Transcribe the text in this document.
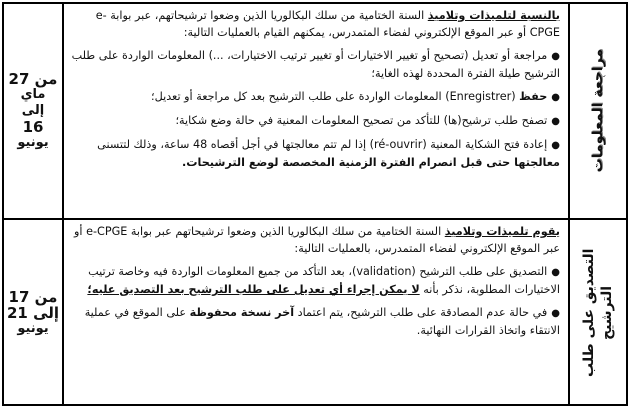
من 27
ماي
إلى
16
يونيو

بالنسبة لتلميذات وتلاميذ السنة الختامية من سلك البكالوريا الذين وضعوا ترشيحاتهم، عبر بوابة e-CPGE أو عبر الموقع الإلكتروني لفضاء المتمدرس، يمكنهم القيام بالعمليات التالية:

●مراجعة أو تعديل (تصحيح أو تغيير الاختيارات أو تغيير ترتيب الاختيارات، ...) المعلومات الواردة على طلب الترشيح طيلة الفترة المحددة لهذه الغاية؛

●حفظ (Enregistrer) المعلومات الواردة على طلب الترشيح بعد كل مراجعة أو تعديل؛

●تصفح طلب ترشيح(ها) للتأكد من تصحيح المعلومات المعنية في حالة وضع شكاية؛

●إعادة فتح الشكاية المعنية (ré-ouvrir) إذا لم تتم معالجتها في أجل أقصاه 48 ساعة، وذلك لتتسنى معالجتها حتى قبل انصرام الفترة الزمنية المخصصة لوضع الترشيحات. مراجعة المعلومات
من 17
إلى 21
يونيو

يقوم تلميذات وتلاميذ السنة الختامية من سلك البكالوريا الذين وضعوا ترشيحاتهم عبر بوابة e-CPGE أو عبر الموقع الإلكتروني لفضاء المتمدرس، بالعمليات التالية:

●التصديق على طلب الترشيح (validation)، بعد التأكد من جميع المعلومات الواردة فيه وخاصة ترتيب الاختيارات المطلوبة، نذكر بأنه لا يمكن إجراء أي تعديل على طلب الترشيح بعد التصديق عليه؛

●في حالة عدم المصادقة على طلب الترشيح، يتم اعتماد آخر نسخة محفوظة على الموقع في عملية الانتقاء واتخاذ القرارات النهائية. التصديق على طلب الترشيح
